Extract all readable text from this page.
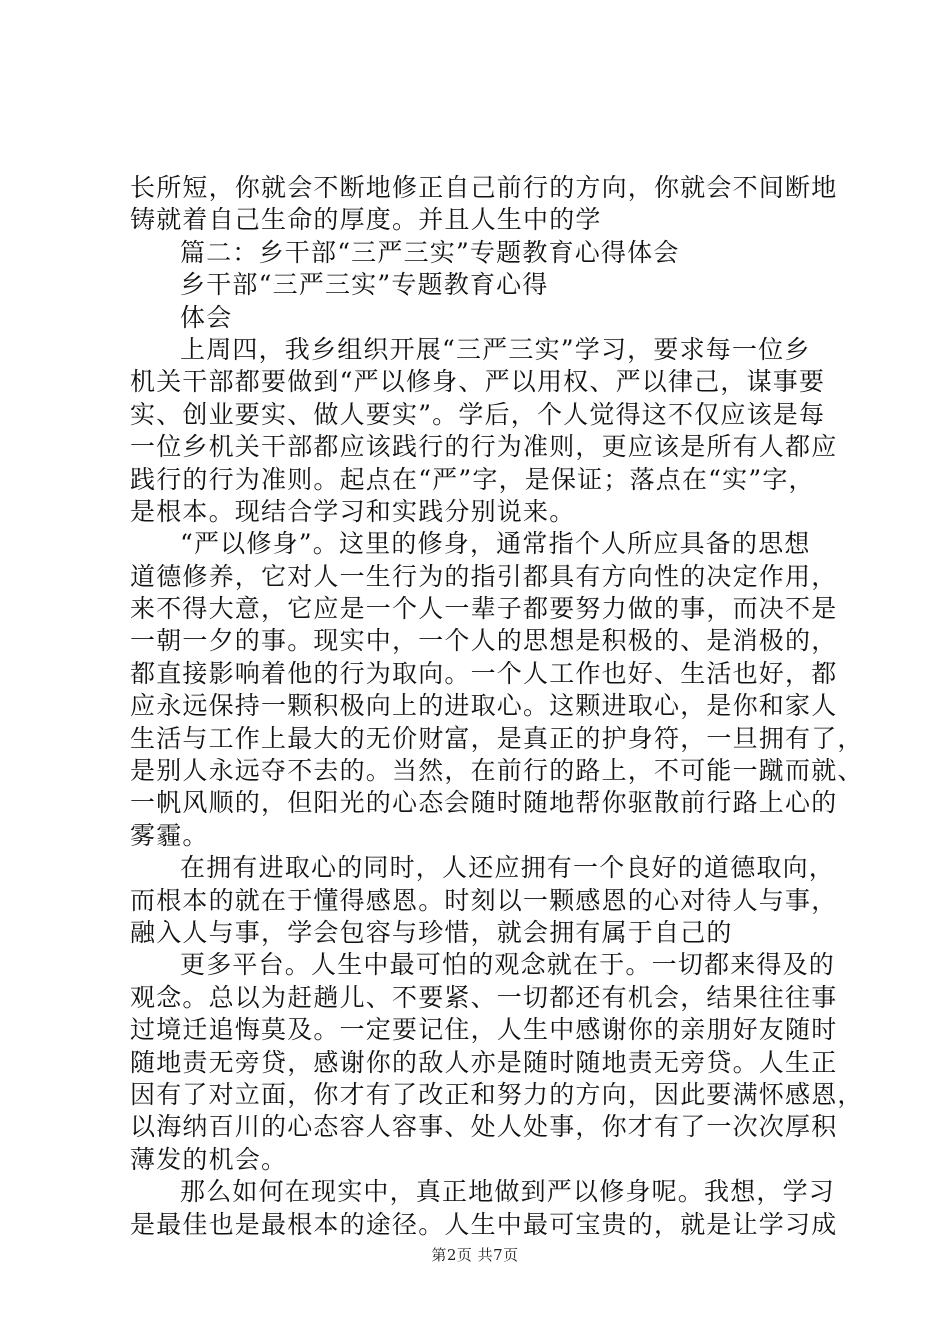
长所短，你就会不断地修正自己前行的方向，你就会不间断地
铸就着自己生命的厚度。并且人生中的学
篇二：乡干部“三严三实”专题教育心得体会
乡干部“三严三实”专题教育心得
体会
上周四，我乡组织开展“三严三实”学习，要求每一位乡
机关干部都要做到“严以修身、严以用权、严以律己，谋事要
实、创业要实、做人要实”。学后，个人觉得这不仅应该是每
一位乡机关干部都应该践行的行为准则，更应该是所有人都应
践行的行为准则。起点在“严”字，是保证；落点在“实”字，
是根本。现结合学习和实践分别说来。
“严以修身”。这里的修身，通常指个人所应具备的思想
道德修养，它对人一生行为的指引都具有方向性的决定作用，
来不得大意，它应是一个人一辈子都要努力做的事，而决不是
一朝一夕的事。现实中，一个人的思想是积极的、是消极的，
都直接影响着他的行为取向。一个人工作也好、生活也好，都
应永远保持一颗积极向上的进取心。这颗进取心，是你和家人
生活与工作上最大的无价财富，是真正的护身符，一旦拥有了，
是别人永远夺不去的。当然，在前行的路上，不可能一蹴而就、
一帆风顺的，但阳光的心态会随时随地帮你驱散前行路上心的
雾霾。
在拥有进取心的同时，人还应拥有一个良好的道德取向，
而根本的就在于懂得感恩。时刻以一颗感恩的心对待人与事，
融入人与事，学会包容与珍惜，就会拥有属于自己的
更多平台。人生中最可怕的观念就在于。一切都来得及的
观念。总以为赶趟儿、不要紧、一切都还有机会，结果往往事
过境迁追悔莫及。一定要记住，人生中感谢你的亲朋好友随时
随地责无旁贷，感谢你的敌人亦是随时随地责无旁贷。人生正
因有了对立面，你才有了改正和努力的方向，因此要满怀感恩，
以海纳百川的心态容人容事、处人处事，你才有了一次次厚积
薄发的机会。
那么如何在现实中，真正地做到严以修身呢。我想，学习
是最佳也是最根本的途径。人生中最可宝贵的，就是让学习成
第2页 共7页
